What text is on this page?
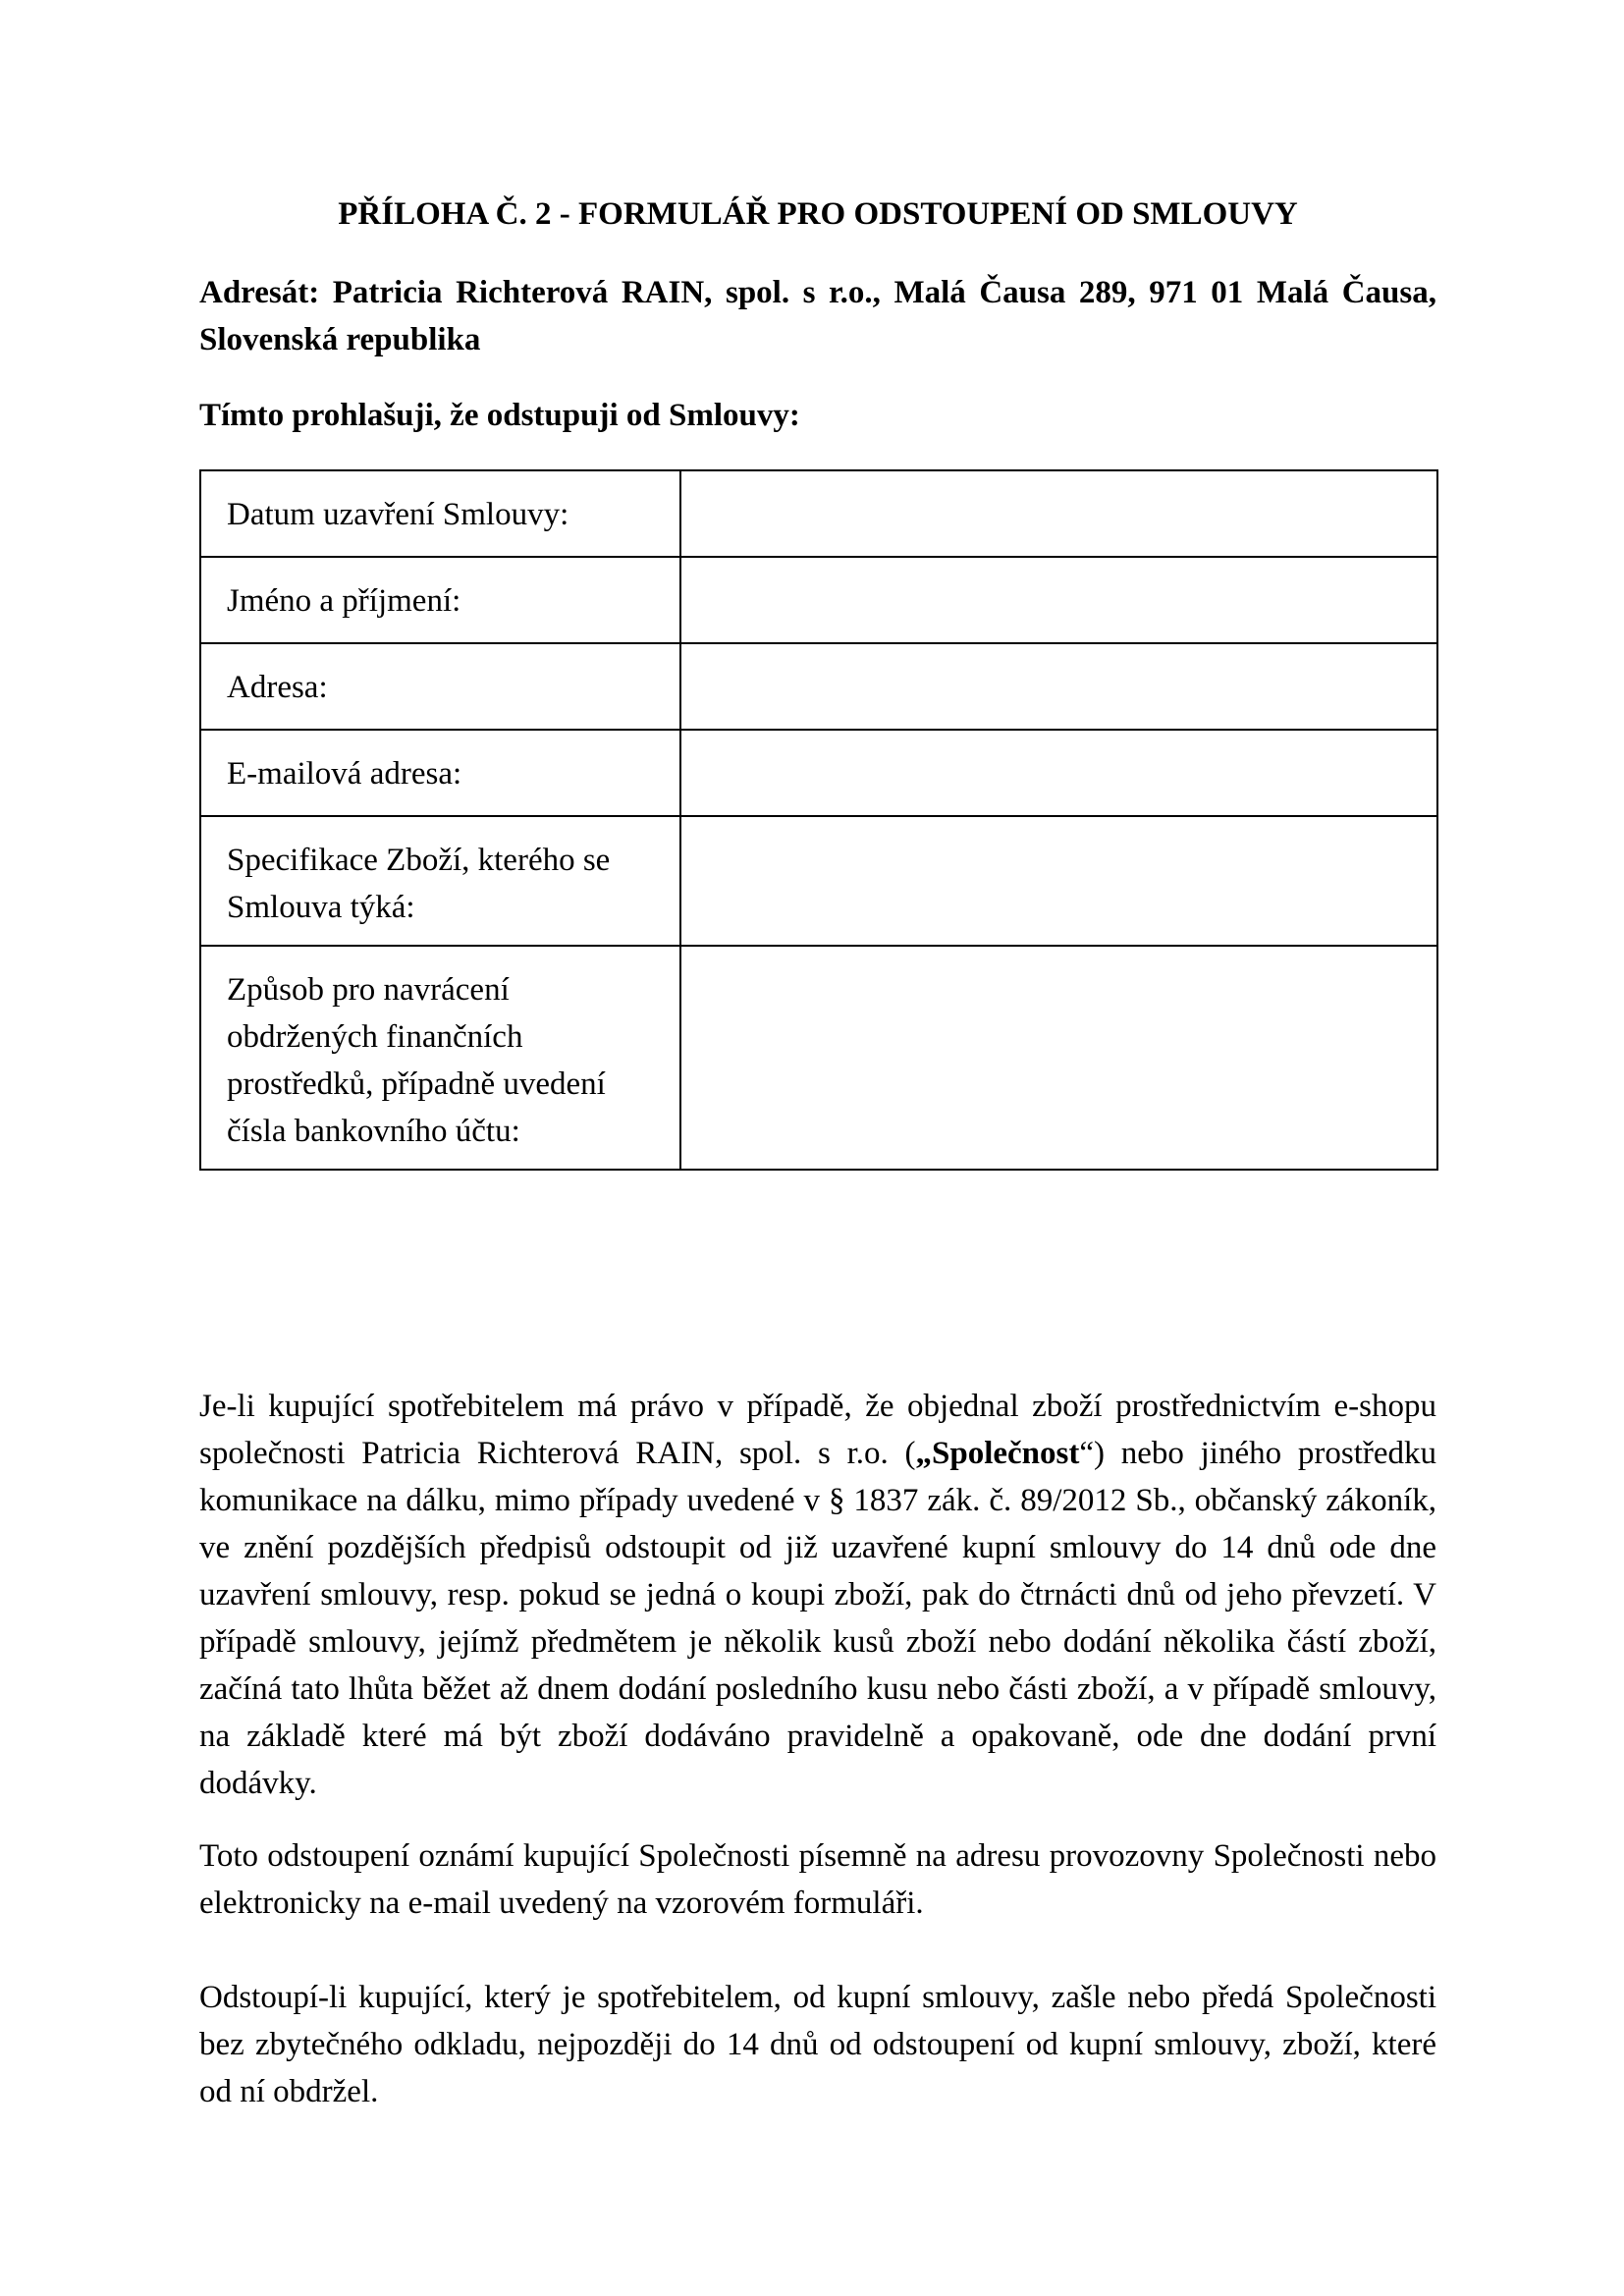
PŘÍLOHA Č. 2 - FORMULÁŘ PRO ODSTOUPENÍ OD SMLOUVY
Adresát: Patricia Richterová RAIN, spol. s r.o., Malá Čausa 289, 971 01 Malá Čausa, Slovenská republika
Tímto prohlašuji, že odstupuji od Smlouvy:
Datum uzavření Smlouvy:	
Jméno a příjmení:	
Adresa:	
E-mailová adresa:	
Specifikace Zboží, kterého se Smlouva týká:	
Způsob pro navrácení obdržených finančních prostředků, případně uvedení čísla bankovního účtu:	
Je-li kupující spotřebitelem má právo v případě, že objednal zboží prostřednictvím e-shopu společnosti Patricia Richterová RAIN, spol. s r.o. („Společnost“) nebo jiného prostředku komunikace na dálku, mimo případy uvedené v § 1837 zák. č. 89/2012 Sb., občanský zákoník, ve znění pozdějších předpisů odstoupit od již uzavřené kupní smlouvy do 14 dnů ode dne uzavření smlouvy, resp. pokud se jedná o koupi zboží, pak do čtrnácti dnů od jeho převzetí. V případě smlouvy, jejímž předmětem je několik kusů zboží nebo dodání několika částí zboží, začíná tato lhůta běžet až dnem dodání posledního kusu nebo části zboží, a v případě smlouvy, na základě které má být zboží dodáváno pravidelně a opakovaně, ode dne dodání první dodávky.
Toto odstoupení oznámí kupující Společnosti písemně na adresu provozovny Společnosti nebo elektronicky na e-mail uvedený na vzorovém formuláři.
Odstoupí-li kupující, který je spotřebitelem, od kupní smlouvy, zašle nebo předá Společnosti bez zbytečného odkladu, nejpozději do 14 dnů od odstoupení od kupní smlouvy, zboží, které od ní obdržel.
